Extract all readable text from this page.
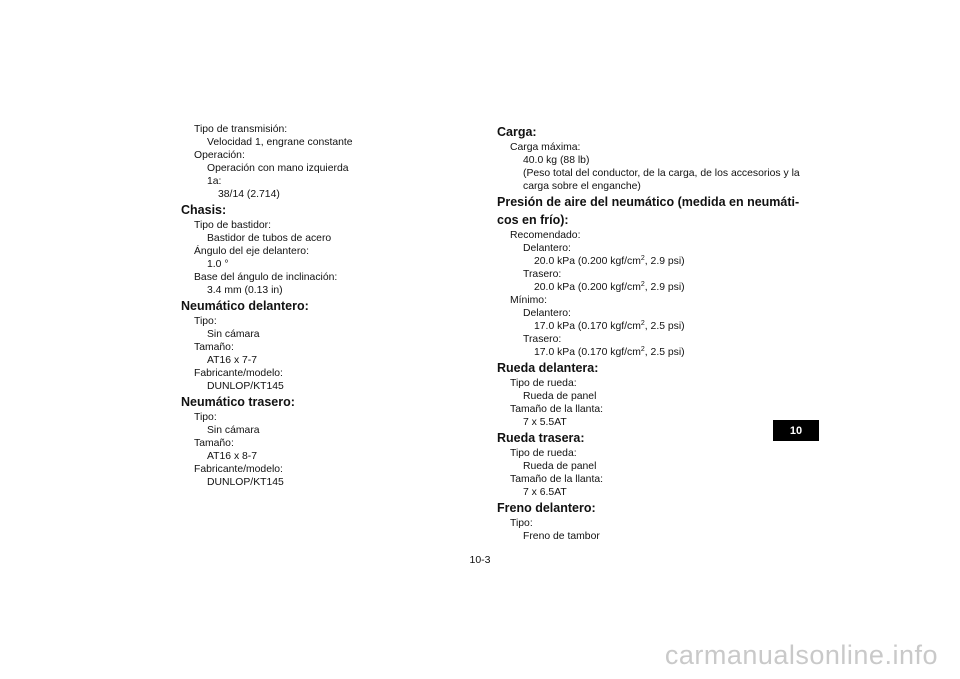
Tipo de transmisión:
Velocidad 1, engrane constante
Operación:
Operación con mano izquierda
1a:
38/14 (2.714)
Chasis:
Tipo de bastidor:
Bastidor de tubos de acero
Ángulo del eje delantero:
1.0 °
Base del ángulo de inclinación:
3.4 mm (0.13 in)
Neumático delantero:
Tipo:
Sin cámara
Tamaño:
AT16 x 7-7
Fabricante/modelo:
DUNLOP/KT145
Neumático trasero:
Tipo:
Sin cámara
Tamaño:
AT16 x 8-7
Fabricante/modelo:
DUNLOP/KT145
Carga:
Carga máxima:
40.0 kg (88 lb)
(Peso total del conductor, de la carga, de los accesorios y la carga sobre el enganche)
Presión de aire del neumático (medida en neumáti-cos en frío):
Recomendado:
Delantero:
20.0 kPa (0.200 kgf/$cm^2$, 2.9 psi)
Trasero:
20.0 kPa (0.200 kgf/$cm^2$, 2.9 psi)
Mínimo:
Delantero:
17.0 kPa (0.170 kgf/$cm^2$, 2.5 psi)
Trasero:
17.0 kPa (0.170 kgf/$cm^2$, 2.5 psi)
Rueda delantera:
Tipo de rueda:
Rueda de panel
Tamaño de la llanta:
7 x 5.5AT
Rueda trasera:
Tipo de rueda:
Rueda de panel
Tamaño de la llanta:
7 x 6.5AT
Freno delantero:
Tipo:
Freno de tambor
10
10-3
carmanualsonline.info
